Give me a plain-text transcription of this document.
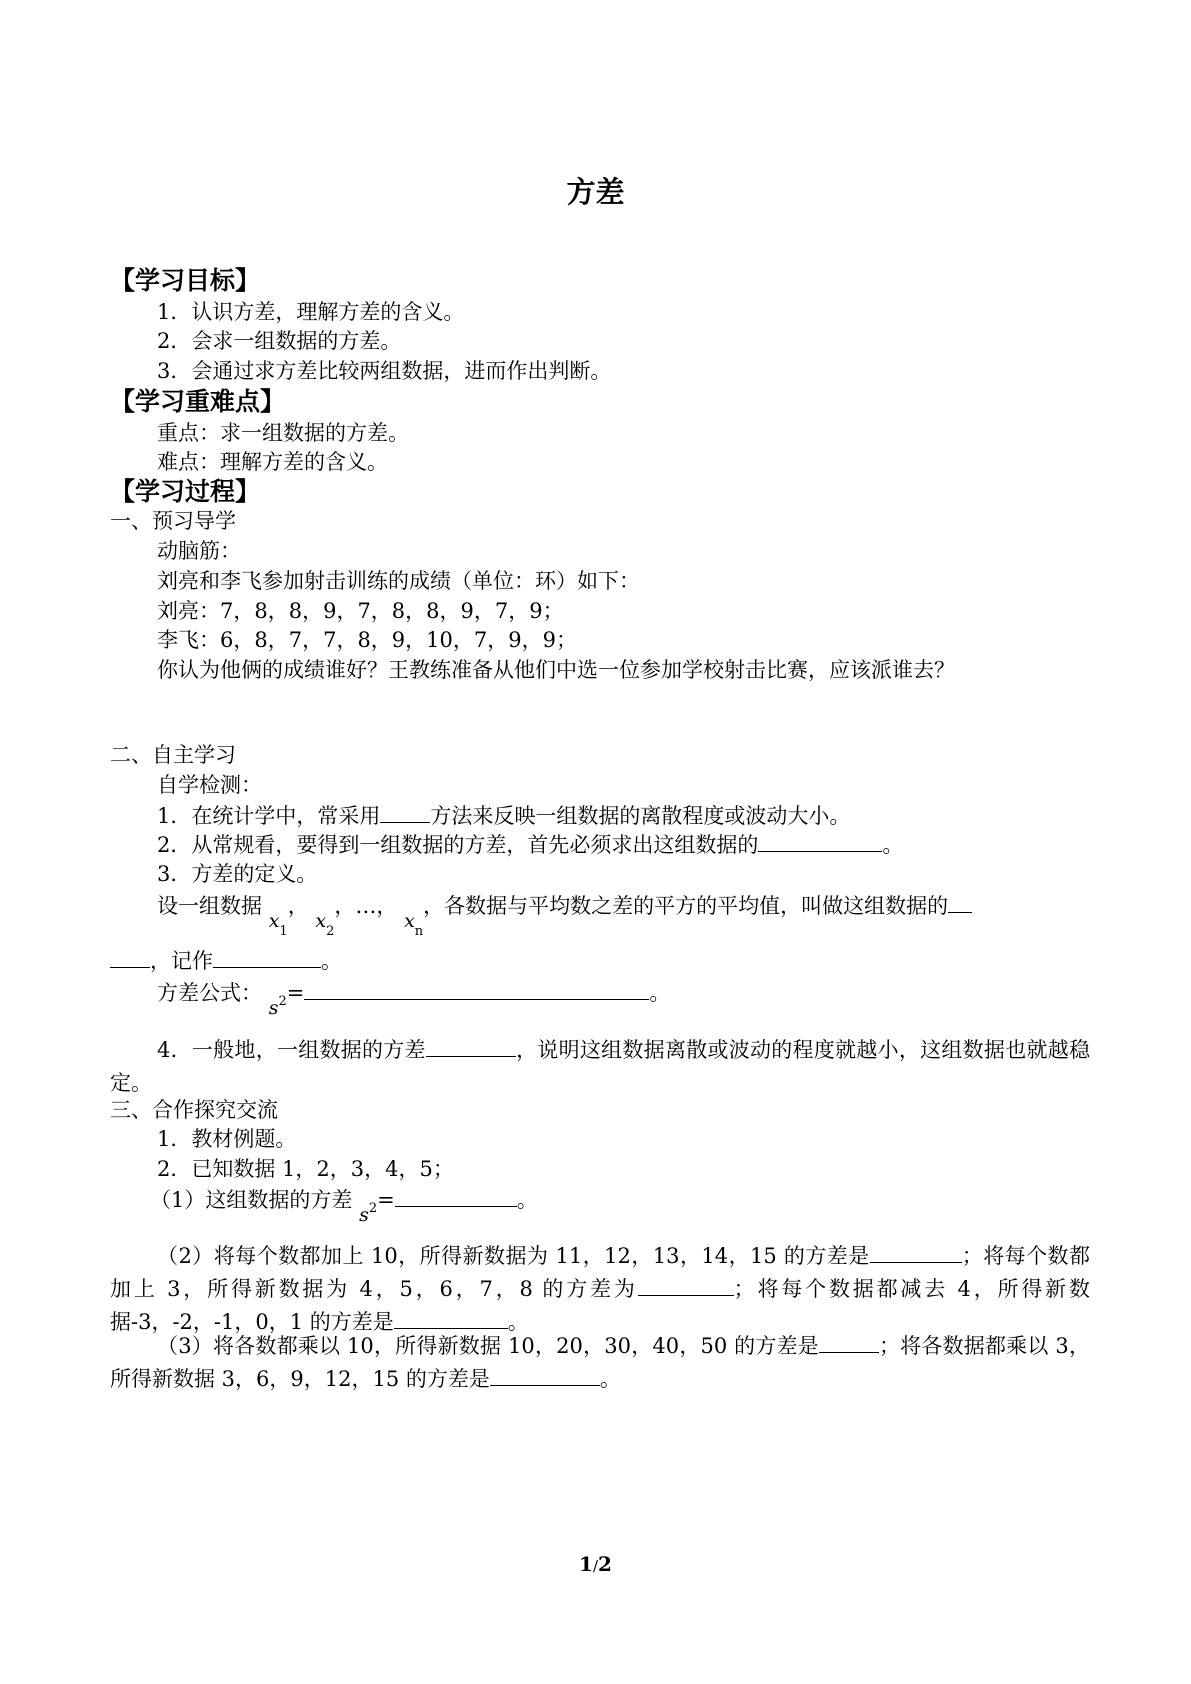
方差
【学习目标】
1．认识方差，理解方差的含义。
2．会求一组数据的方差。
3．会通过求方差比较两组数据，进而作出判断。
【学习重难点】
重点：求一组数据的方差。
难点：理解方差的含义。
【学习过程】
一、预习导学
动脑筋：
刘亮和李飞参加射击训练的成绩（单位：环）如下：
刘亮：7，8，8，9，7，8，8，9，7，9；
李飞：6，8，7，7，8，9，10，7，9，9；
你认为他俩的成绩谁好？王教练准备从他们中选一位参加学校射击比赛，应该派谁去？
二、自主学习
自学检测：
1．在统计学中，常采用 方法来反映一组数据的离散程度或波动大小。
2．从常规看，要得到一组数据的方差，首先必须求出这组数据的	。
3．方差的定义。
设一组数据 $x_1$， $x_2$，…， $x_n$，各数据与平均数之差的平方的平均值，叫做这组数据的
，记作	。
方差公式： $s^2=$	。
4．一般地，一组数据的方差	，说明这组数据离散或波动的程度就越小，这组数据也就越稳定。
三、合作探究交流
1．教材例题。
2．已知数据 1，2，3，4，5；
（1）这组数据的方差 $s^2=$	。
（2）将每个数都加上 10，所得新数据为 11，12，13，14，15 的方差是	；将每个数都加上 3，所得新数据为 4，5，6，7，8 的方差为	；将每个数据都减去 4，所得新数据-3，-2，-1，0，1 的方差是	。
（3）将各数都乘以 10，所得新数据 10，20，30，40，50 的方差是	；将各数据都乘以 3，所得新数据 3，6，9，12，15 的方差是	。
1/2
